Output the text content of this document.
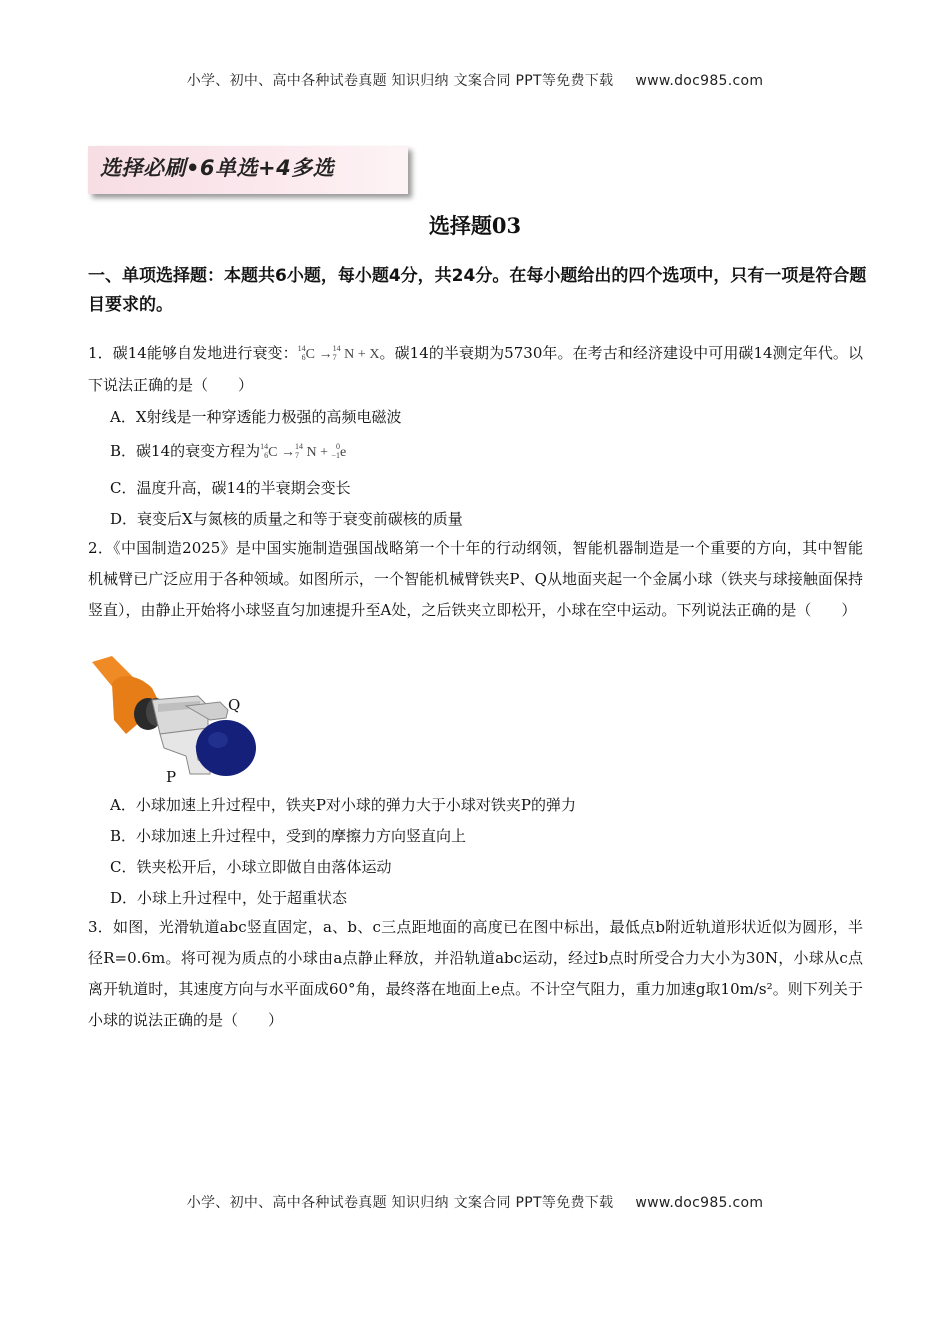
小学、初中、高中各种试卷真题 知识归纳 文案合同 PPT等免费下载 www.doc985.com
选择必刷•6单选+4多选
选择题03
一、单项选择题：本题共6小题，每小题4分，共24分。在每小题给出的四个选项中，只有一项是符合题目要求的。
1．碳14能够自发地进行衰变： 14
6 C → 14
7 N + X。碳14的半衰期为5730年。在考古和经济建设中可用碳14测定年代。以下说法正确的是（　　）
A．X射线是一种穿透能力极强的高频电磁波
B．碳14的衰变方程为 14
6 C → 14
7 N +	0
−1 e
C．温度升高，碳14的半衰期会变长
D．衰变后X与氮核的质量之和等于衰变前碳核的质量
2．《中国制造2025》是中国实施制造强国战略第一个十年的行动纲领，智能机器制造是一个重要的方向，其中智能机械臂已广泛应用于各种领域。如图所示，一个智能机械臂铁夹P、Q从地面夹起一个金属小球（铁夹与球接触面保持竖直），由静止开始将小球竖直匀加速提升至A处，之后铁夹立即松开，小球在空中运动。下列说法正确的是（　　）
Q
P
A．小球加速上升过程中，铁夹P对小球的弹力大于小球对铁夹P的弹力
B．小球加速上升过程中，受到的摩擦力方向竖直向上
C．铁夹松开后，小球立即做自由落体运动
D．小球上升过程中，处于超重状态
3．如图，光滑轨道abc竖直固定，a、b、c三点距地面的高度已在图中标出，最低点b附近轨道形状近似为圆形，半径R=0.6m。将可视为质点的小球由a点静止释放，并沿轨道abc运动，经过b点时所受合力大小为30N，小球从c点离开轨道时，其速度方向与水平面成60°角，最终落在地面上e点。不计空气阻力，重力加速g取10m/s²。则下列关于小球的说法正确的是（　　）
小学、初中、高中各种试卷真题 知识归纳 文案合同 PPT等免费下载 www.doc985.com
